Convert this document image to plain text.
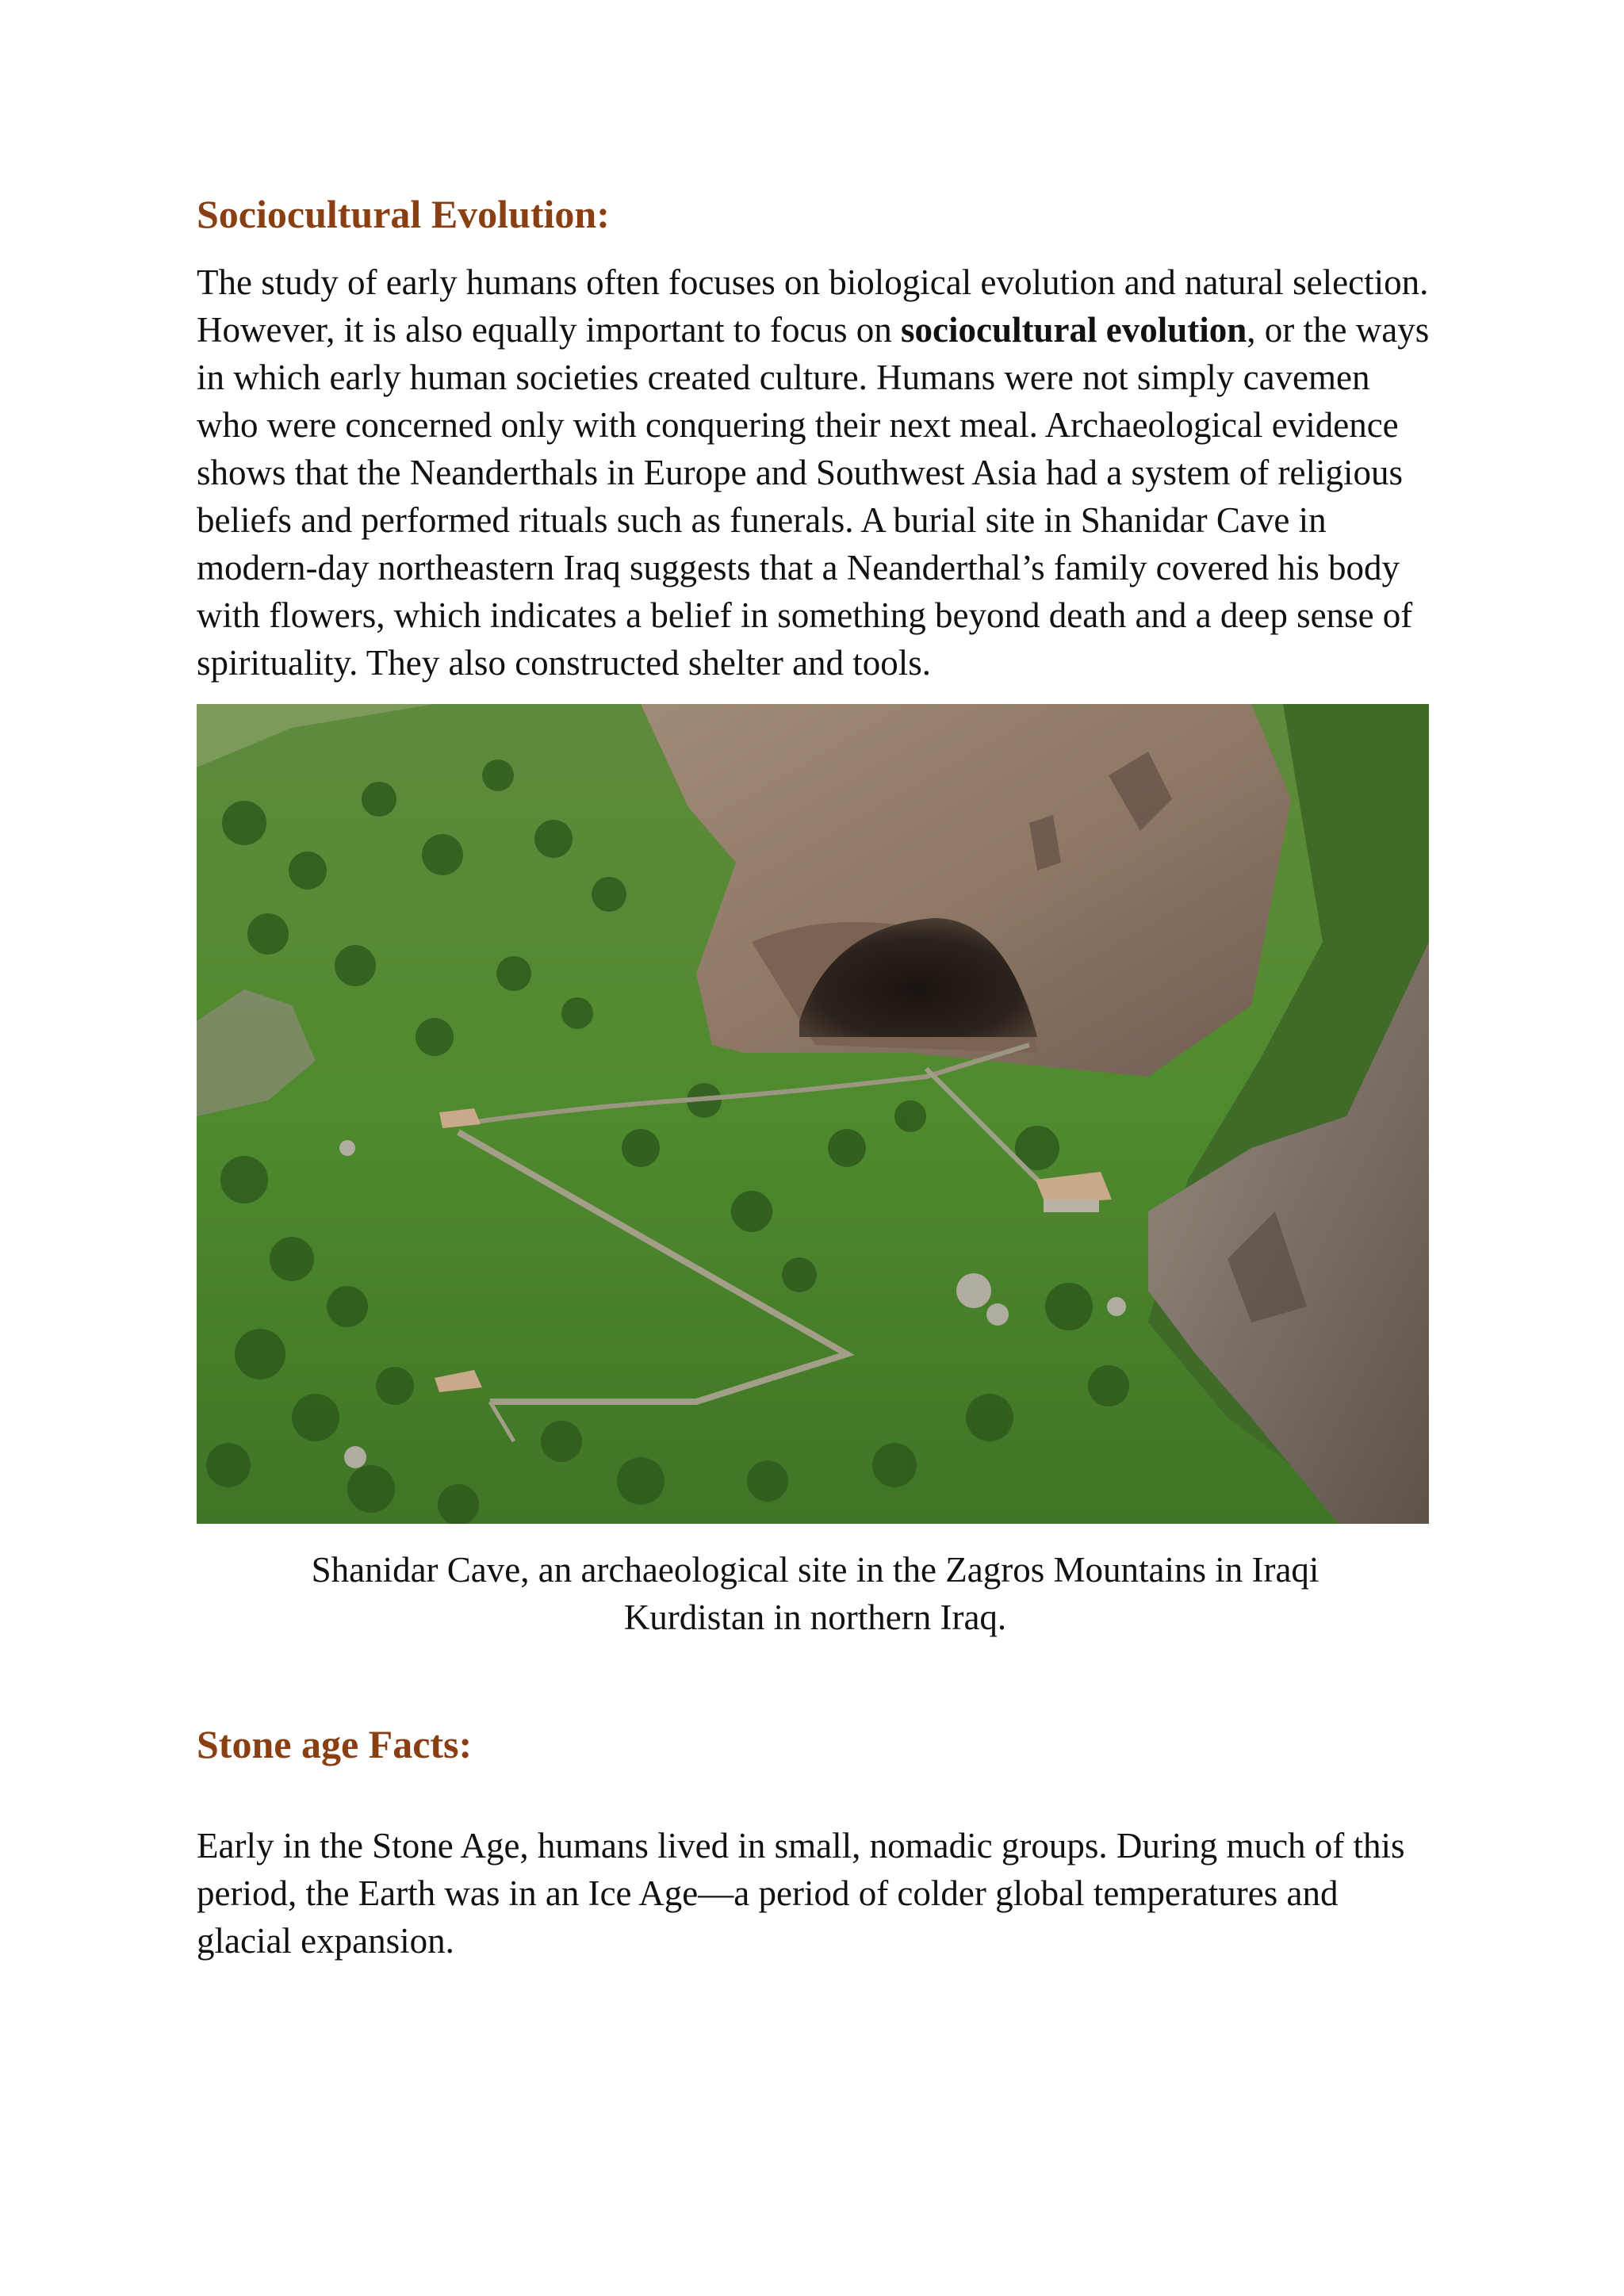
Sociocultural Evolution:

The study of early humans often focuses on biological evolution and natural selection. However, it is also equally important to focus on sociocultural evolution, or the ways in which early human societies created culture. Humans were not simply cavemen who were concerned only with conquering their next meal. Archaeological evidence shows that the Neanderthals in Europe and Southwest Asia had a system of religious beliefs and performed rituals such as funerals. A burial site in Shanidar Cave in modern-day northeastern Iraq suggests that a Neanderthal’s family covered his body with flowers, which indicates a belief in something beyond death and a deep sense of spirituality. They also constructed shelter and tools.

Shanidar Cave, an archaeological site in the Zagros Mountains in Iraqi Kurdistan in northern Iraq.

Stone age Facts:

Early in the Stone Age, humans lived in small, nomadic groups. During much of this period, the Earth was in an Ice Age—a period of colder global temperatures and glacial expansion.
